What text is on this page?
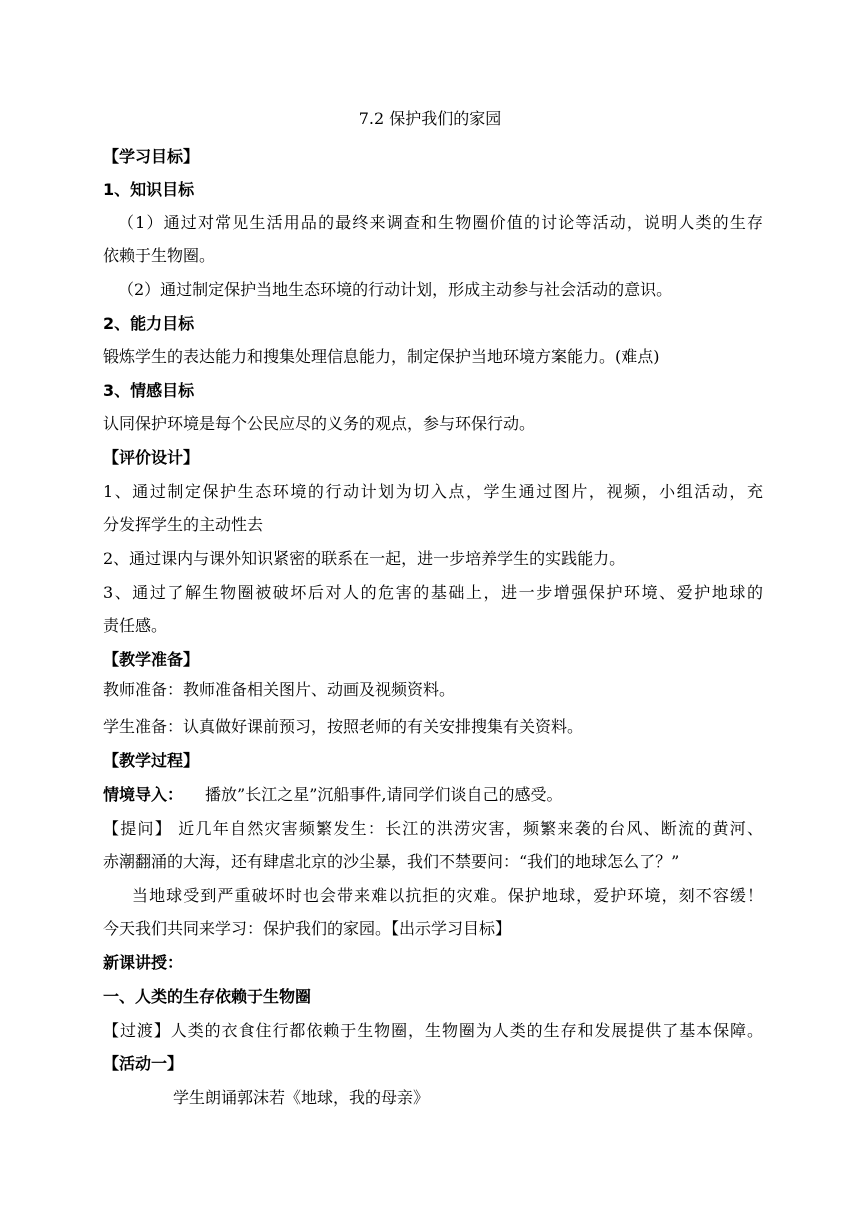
7.2 保护我们的家园
【学习目标】
1、知识目标
（1）通过对常见生活用品的最终来调查和生物圈价值的讨论等活动，说明人类的生存
依赖于生物圈。
（2）通过制定保护当地生态环境的行动计划，形成主动参与社会活动的意识。
2、能力目标
锻炼学生的表达能力和搜集处理信息能力，制定保护当地环境方案能力。(难点)
3、情感目标
认同保护环境是每个公民应尽的义务的观点，参与环保行动。
【评价设计】
1、通过制定保护生态环境的行动计划为切入点，学生通过图片，视频，小组活动，充
分发挥学生的主动性去
2、通过课内与课外知识紧密的联系在一起，进一步培养学生的实践能力。
3、通过了解生物圈被破坏后对人的危害的基础上，进一步增强保护环境、爱护地球的
责任感。
【教学准备】
教师准备：教师准备相关图片、动画及视频资料。
学生准备：认真做好课前预习，按照老师的有关安排搜集有关资料。
【教学过程】
情境导入： 播放”长江之星”沉船事件,请同学们谈自己的感受。
【提问】 近几年自然灾害频繁发生：长江的洪涝灾害，频繁来袭的台风、断流的黄河、
赤潮翻涌的大海，还有肆虐北京的沙尘暴，我们不禁要问：“我们的地球怎么了？”
当地球受到严重破坏时也会带来难以抗拒的灾难。保护地球，爱护环境，刻不容缓！
今天我们共同来学习：保护我们的家园。【出示学习目标】
新课讲授：
一、人类的生存依赖于生物圈
【过渡】人类的衣食住行都依赖于生物圈，生物圈为人类的生存和发展提供了基本保障。
【活动一】
学生朗诵郭沫若《地球，我的母亲》
